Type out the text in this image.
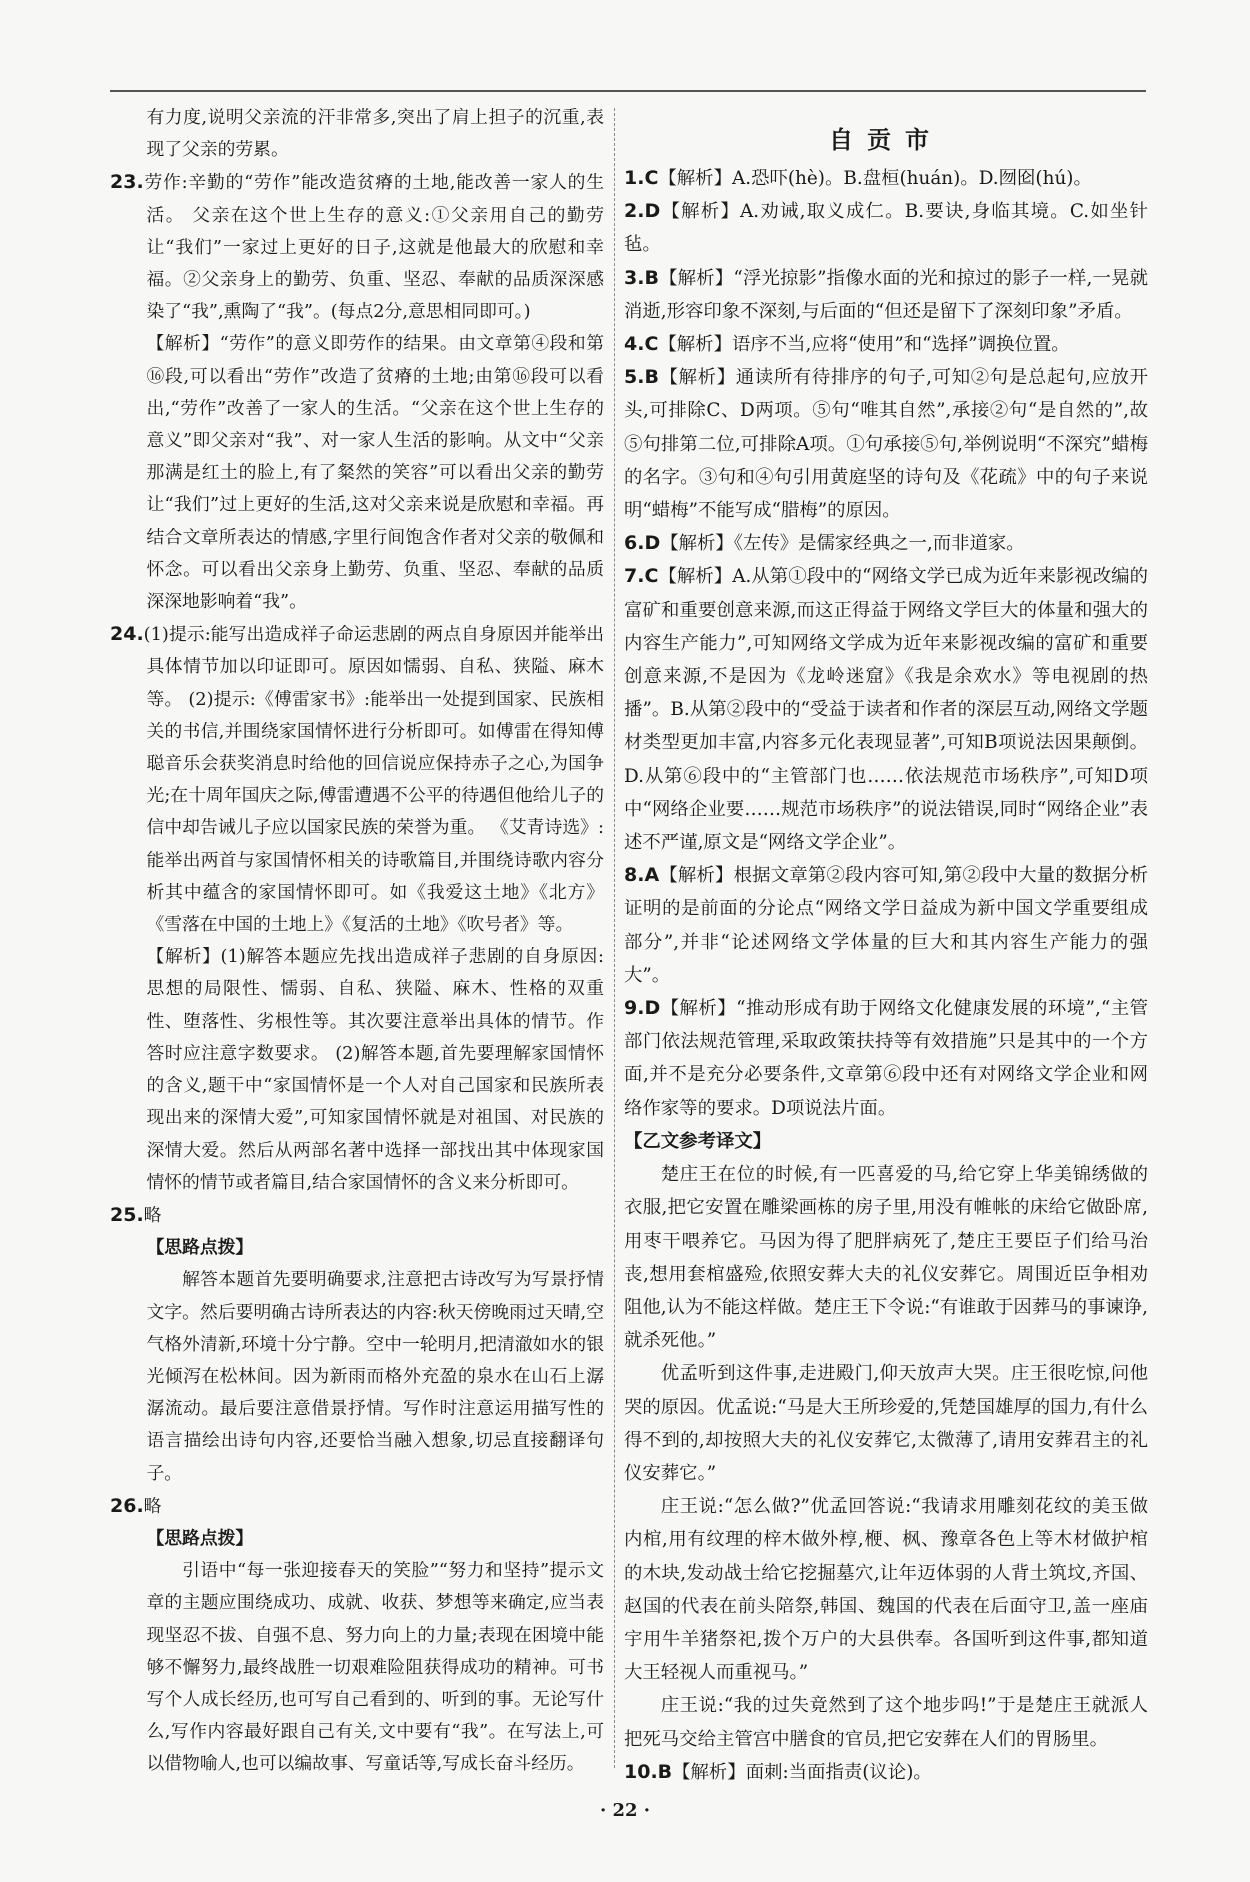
有力度,说明父亲流的汗非常多,突出了肩上担子的沉重,表现了父亲的劳累。

23.劳作:辛勤的“劳作”能改造贫瘠的土地,能改善一家人的生活。 父亲在这个世上生存的意义:①父亲用自己的勤劳让“我们”一家过上更好的日子,这就是他最大的欣慰和幸福。②父亲身上的勤劳、负重、坚忍、奉献的品质深深感染了“我”,熏陶了“我”。(每点2分,意思相同即可。)

【解析】“劳作”的意义即劳作的结果。由文章第④段和第⑯段,可以看出“劳作”改造了贫瘠的土地;由第⑯段可以看出,“劳作”改善了一家人的生活。“父亲在这个世上生存的意义”即父亲对“我”、对一家人生活的影响。从文中“父亲那满是红土的脸上,有了粲然的笑容”可以看出父亲的勤劳让“我们”过上更好的生活,这对父亲来说是欣慰和幸福。再结合文章所表达的情感,字里行间饱含作者对父亲的敬佩和怀念。可以看出父亲身上勤劳、负重、坚忍、奉献的品质深深地影响着“我”。

24.(1)提示:能写出造成祥子命运悲剧的两点自身原因并能举出具体情节加以印证即可。原因如懦弱、自私、狭隘、麻木等。 (2)提示:《傅雷家书》:能举出一处提到国家、民族相关的书信,并围绕家国情怀进行分析即可。如傅雷在得知傅聪音乐会获奖消息时给他的回信说应保持赤子之心,为国争光;在十周年国庆之际,傅雷遭遇不公平的待遇但他给儿子的信中却告诫儿子应以国家民族的荣誉为重。 《艾青诗选》:能举出两首与家国情怀相关的诗歌篇目,并围绕诗歌内容分析其中蕴含的家国情怀即可。如《我爱这土地》《北方》《雪落在中国的土地上》《复活的土地》《吹号者》等。

【解析】(1)解答本题应先找出造成祥子悲剧的自身原因:思想的局限性、懦弱、自私、狭隘、麻木、性格的双重性、堕落性、劣根性等。其次要注意举出具体的情节。作答时应注意字数要求。 (2)解答本题,首先要理解家国情怀的含义,题干中“家国情怀是一个人对自己国家和民族所表现出来的深情大爱”,可知家国情怀就是对祖国、对民族的深情大爱。然后从两部名著中选择一部找出其中体现家国情怀的情节或者篇目,结合家国情怀的含义来分析即可。

25.略

【思路点拨】

解答本题首先要明确要求,注意把古诗改写为写景抒情文字。然后要明确古诗所表达的内容:秋天傍晚雨过天晴,空气格外清新,环境十分宁静。空中一轮明月,把清澈如水的银光倾泻在松林间。因为新雨而格外充盈的泉水在山石上潺潺流动。最后要注意借景抒情。写作时注意运用描写性的语言描绘出诗句内容,还要恰当融入想象,切忌直接翻译句子。

26.略

【思路点拨】

引语中“每一张迎接春天的笑脸”“努力和坚持”提示文章的主题应围绕成功、成就、收获、梦想等来确定,应当表现坚忍不拔、自强不息、努力向上的力量;表现在困境中能够不懈努力,最终战胜一切艰难险阻获得成功的精神。可书写个人成长经历,也可写自己看到的、听到的事。无论写什么,写作内容最好跟自己有关,文中要有“我”。在写法上,可以借物喻人,也可以编故事、写童话等,写成长奋斗经历。

自贡市

1.C【解析】A.恐吓(hè)。B.盘桓(huán)。D.囫囵(hú)。

2.D【解析】A.劝诫,取义成仁。B.要诀,身临其境。C.如坐针毡。

3.B【解析】“浮光掠影”指像水面的光和掠过的影子一样,一晃就消逝,形容印象不深刻,与后面的“但还是留下了深刻印象”矛盾。

4.C【解析】语序不当,应将“使用”和“选择”调换位置。

5.B【解析】通读所有待排序的句子,可知②句是总起句,应放开头,可排除C、D两项。⑤句“唯其自然”,承接②句“是自然的”,故⑤句排第二位,可排除A项。①句承接⑤句,举例说明“不深究”蜡梅的名字。③句和④句引用黄庭坚的诗句及《花疏》中的句子来说明“蜡梅”不能写成“腊梅”的原因。

6.D【解析】《左传》是儒家经典之一,而非道家。

7.C【解析】A.从第①段中的“网络文学已成为近年来影视改编的富矿和重要创意来源,而这正得益于网络文学巨大的体量和强大的内容生产能力”,可知网络文学成为近年来影视改编的富矿和重要创意来源,不是因为《龙岭迷窟》《我是余欢水》等电视剧的热播”。B.从第②段中的“受益于读者和作者的深层互动,网络文学题材类型更加丰富,内容多元化表现显著”,可知B项说法因果颠倒。D.从第⑥段中的“主管部门也……依法规范市场秩序”,可知D项中“网络企业要……规范市场秩序”的说法错误,同时“网络企业”表述不严谨,原文是“网络文学企业”。

8.A【解析】根据文章第②段内容可知,第②段中大量的数据分析证明的是前面的分论点“网络文学日益成为新中国文学重要组成部分”,并非“论述网络文学体量的巨大和其内容生产能力的强大”。

9.D【解析】“推动形成有助于网络文化健康发展的环境”,“主管部门依法规范管理,采取政策扶持等有效措施”只是其中的一个方面,并不是充分必要条件,文章第⑥段中还有对网络文学企业和网络作家等的要求。D项说法片面。

【乙文参考译文】

楚庄王在位的时候,有一匹喜爱的马,给它穿上华美锦绣做的衣服,把它安置在雕梁画栋的房子里,用没有帷帐的床给它做卧席,用枣干喂养它。马因为得了肥胖病死了,楚庄王要臣子们给马治丧,想用套棺盛殓,依照安葬大夫的礼仪安葬它。周围近臣争相劝阻他,认为不能这样做。楚庄王下令说:“有谁敢于因葬马的事谏诤,就杀死他。”

优孟听到这件事,走进殿门,仰天放声大哭。庄王很吃惊,问他哭的原因。优孟说:“马是大王所珍爱的,凭楚国雄厚的国力,有什么得不到的,却按照大夫的礼仪安葬它,太微薄了,请用安葬君主的礼仪安葬它。”

庄王说:“怎么做?”优孟回答说:“我请求用雕刻花纹的美玉做内棺,用有纹理的梓木做外椁,楩、枫、豫章各色上等木材做护棺的木块,发动战士给它挖掘墓穴,让年迈体弱的人背土筑坟,齐国、赵国的代表在前头陪祭,韩国、魏国的代表在后面守卫,盖一座庙宇用牛羊猪祭祀,拨个万户的大县供奉。各国听到这件事,都知道大王轻视人而重视马。”

庄王说:“我的过失竟然到了这个地步吗!”于是楚庄王就派人把死马交给主管宫中膳食的官员,把它安葬在人们的胃肠里。

10.B【解析】面刺:当面指责(议论)。

· 22 ·
